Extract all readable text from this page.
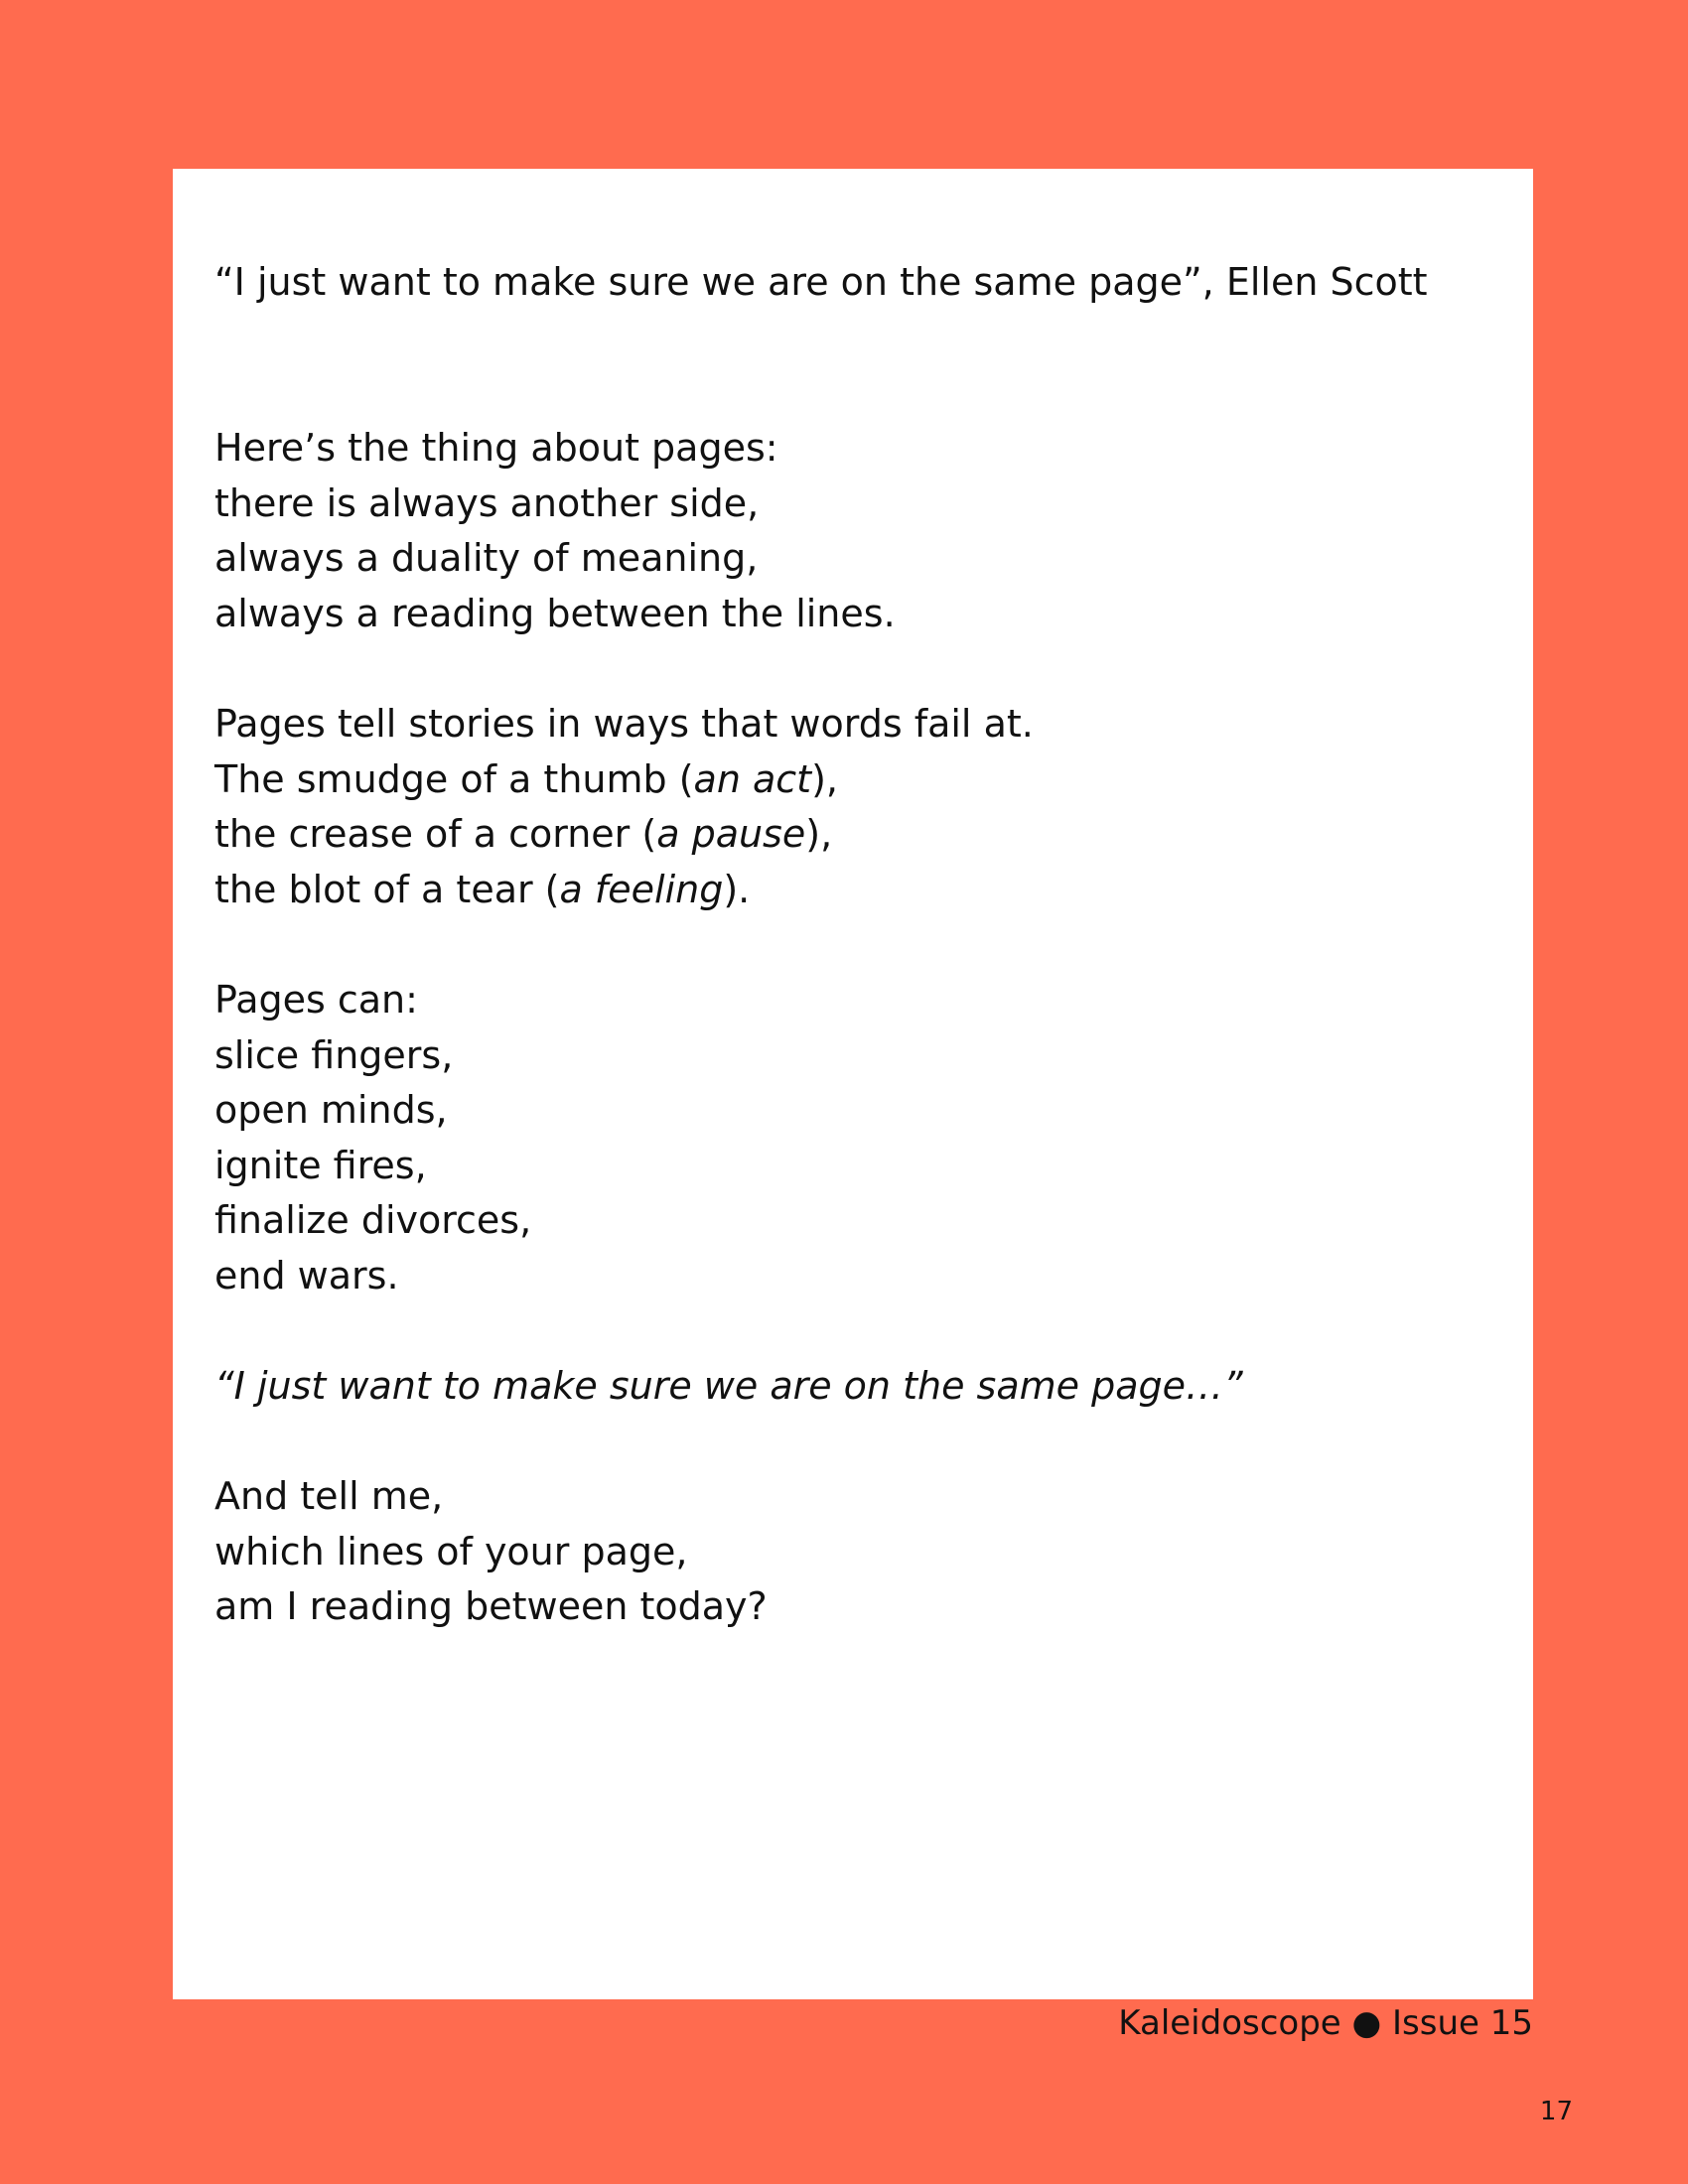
“I just want to make sure we are on the same page”, Ellen Scott
Here’s the thing about pages:
there is always another side,
always a duality of meaning,
always a reading between the lines.
Pages tell stories in ways that words fail at.
The smudge of a thumb (an act),
the crease of a corner (a pause),
the blot of a tear (a feeling).
Pages can:
slice fingers,
open minds,
ignite fires,
finalize divorces,
end wars.
“I just want to make sure we are on the same page…”
And tell me,
which lines of your page,
am I reading between today?
Kaleidoscope ● Issue 15
17
